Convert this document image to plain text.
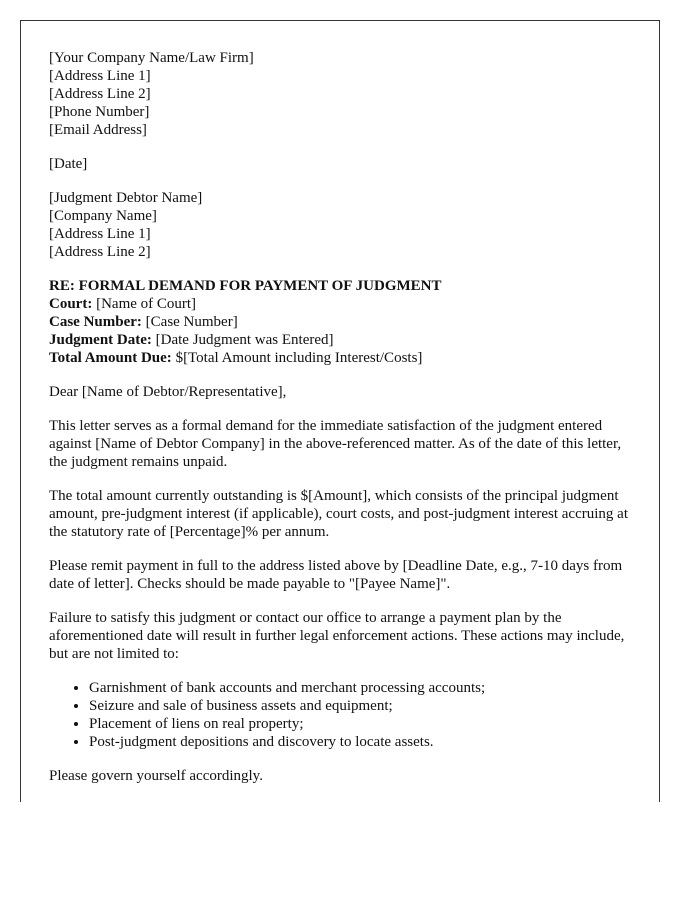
[Your Company Name/Law Firm]
[Address Line 1]
[Address Line 2]
[Phone Number]
[Email Address]
[Date]
[Judgment Debtor Name]
[Company Name]
[Address Line 1]
[Address Line 2]
RE: FORMAL DEMAND FOR PAYMENT OF JUDGMENT
Court: [Name of Court]
Case Number: [Case Number]
Judgment Date: [Date Judgment was Entered]
Total Amount Due: $[Total Amount including Interest/Costs]

Dear [Name of Debtor/Representative],

This letter serves as a formal demand for the immediate satisfaction of the judgment entered against [Name of Debtor Company] in the above-referenced matter. As of the date of this letter, the judgment remains unpaid.

The total amount currently outstanding is $[Amount], which consists of the principal judgment amount, pre-judgment interest (if applicable), court costs, and post-judgment interest accruing at the statutory rate of [Percentage]% per annum.

Please remit payment in full to the address listed above by [Deadline Date, e.g., 7-10 days from date of letter]. Checks should be made payable to "[Payee Name]".

Failure to satisfy this judgment or contact our office to arrange a payment plan by the aforementioned date will result in further legal enforcement actions. These actions may include, but are not limited to:

• Garnishment of bank accounts and merchant processing accounts;
• Seizure and sale of business assets and equipment;
• Placement of liens on real property;
• Post-judgment depositions and discovery to locate assets.

Please govern yourself accordingly.
